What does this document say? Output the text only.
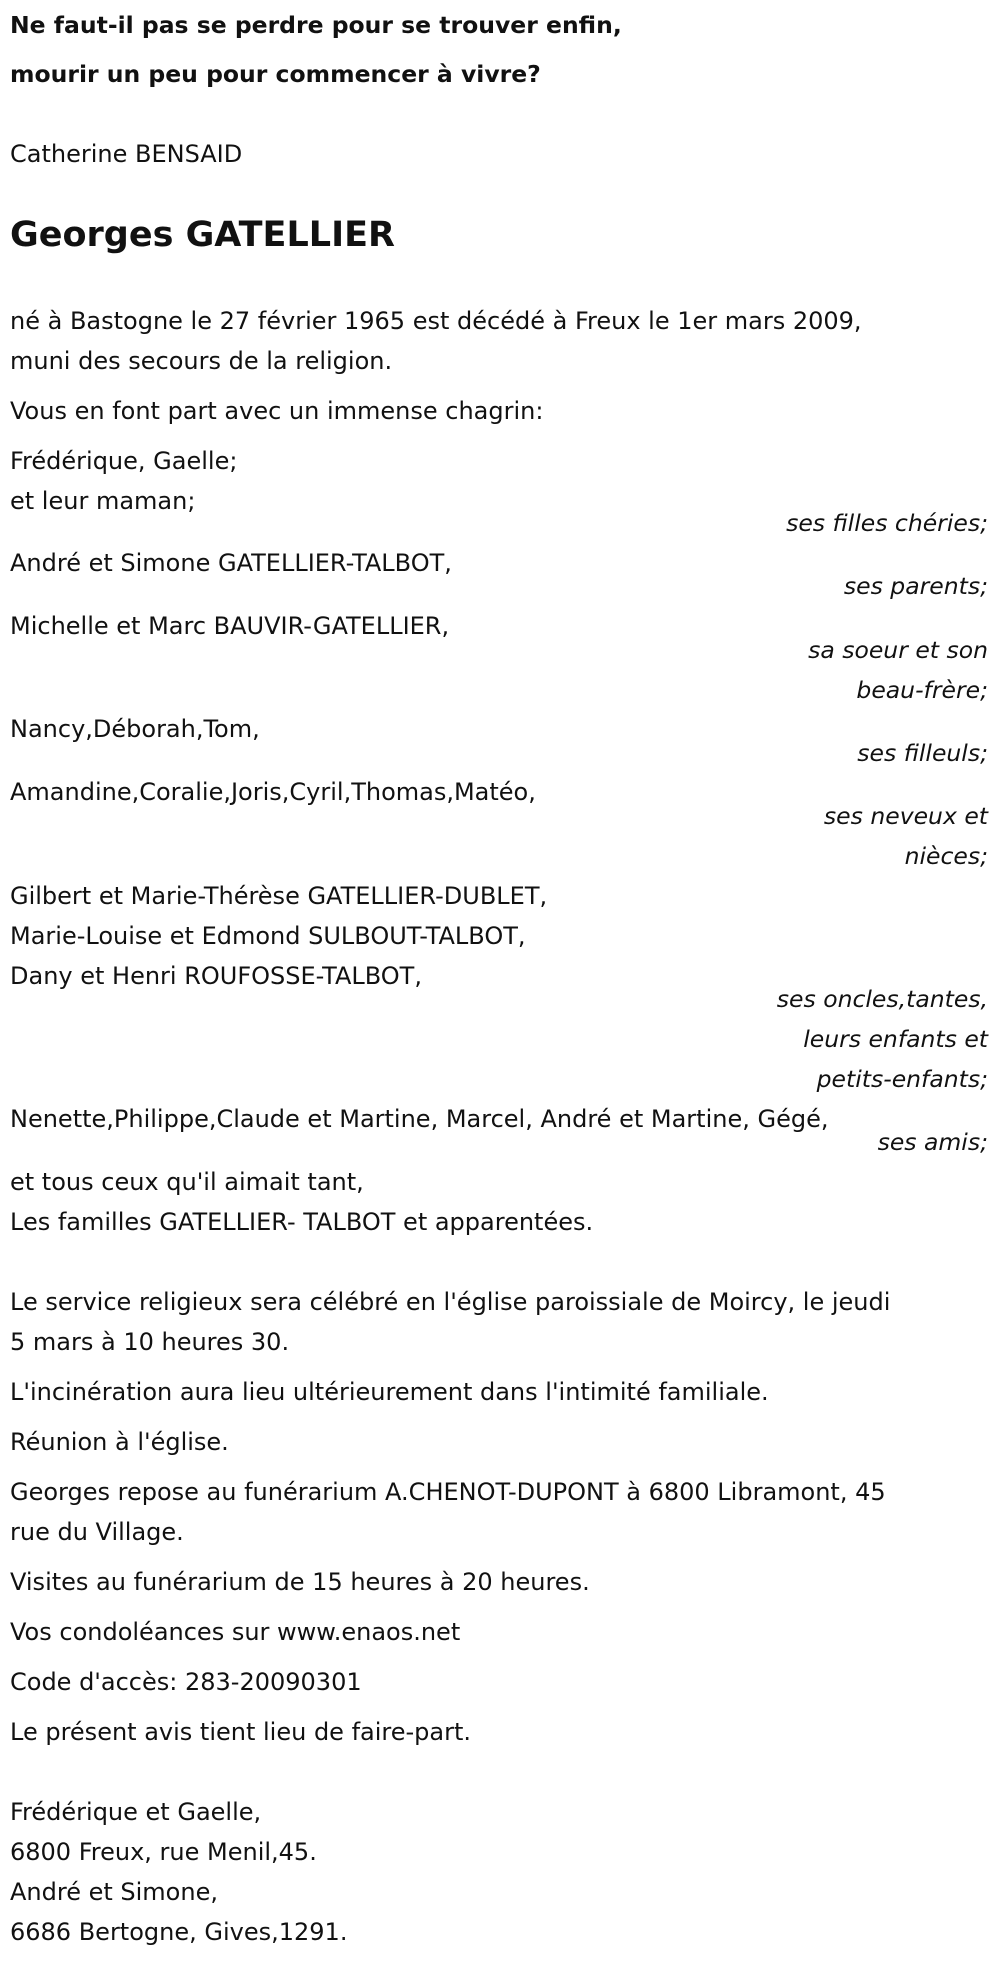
Ne faut-il pas se perdre pour se trouver enfin,
mourir un peu pour commencer à vivre?
Catherine BENSAID
Georges GATELLIER
né à Bastogne le 27 février 1965 est décédé à Freux le 1er mars 2009,
muni des secours de la religion.
Vous en font part avec un immense chagrin:
Frédérique, Gaelle;
et leur maman;
ses filles chéries;
André et Simone GATELLIER-TALBOT,
ses parents;
Michelle et Marc BAUVIR-GATELLIER,
sa soeur et son
beau-frère;
Nancy,Déborah,Tom,
ses filleuls;
Amandine,Coralie,Joris,Cyril,Thomas,Matéo,
ses neveux et
nièces;
Gilbert et Marie-Thérèse GATELLIER-DUBLET,
Marie-Louise et Edmond SULBOUT-TALBOT,
Dany et Henri ROUFOSSE-TALBOT,
ses oncles,tantes,
leurs enfants et
petits-enfants;
Nenette,Philippe,Claude et Martine, Marcel, André et Martine, Gégé,
ses amis;
et tous ceux qu'il aimait tant,
Les familles GATELLIER- TALBOT et apparentées.
Le service religieux sera célébré en l'église paroissiale de Moircy, le jeudi
5 mars à 10 heures 30.
L'incinération aura lieu ultérieurement dans l'intimité familiale.
Réunion à l'église.
Georges repose au funérarium A.CHENOT-DUPONT à 6800 Libramont, 45
rue du Village.
Visites au funérarium de 15 heures à 20 heures.
Vos condoléances sur www.enaos.net
Code d'accès: 283-20090301
Le présent avis tient lieu de faire-part.
Frédérique et Gaelle,
6800 Freux, rue Menil,45.
André et Simone,
6686 Bertogne, Gives,1291.
